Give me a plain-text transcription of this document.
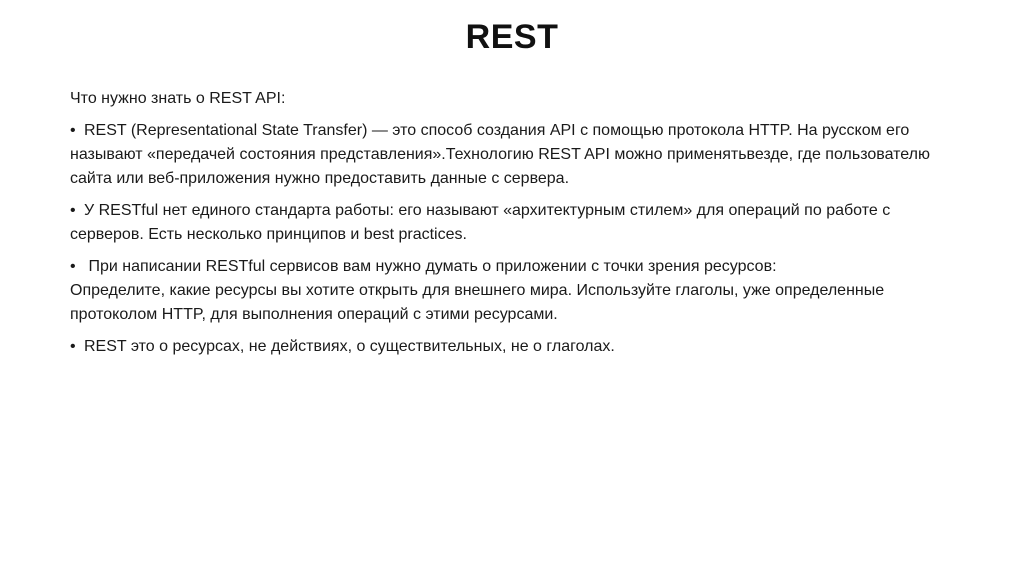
REST
Что нужно знать о REST API:
• REST (Representational State Transfer) — это способ создания API с помощью протокола HTTP. На русском его
называют «передачей состояния представления».Технологию REST API можно применятьвезде, где пользователю
сайта или веб-приложения нужно предоставить данные с сервера.
• У RESTful нет единого стандарта работы: его называют «архитектурным стилем» для операций по работе с
серверов. Есть несколько принципов и best practices.
• При написании RESTful сервисов вам нужно думать о приложении с точки зрения ресурсов:
Определите, какие ресурсы вы хотите открыть для внешнего мира. Используйте глаголы, уже определенные
протоколом HTTP, для выполнения операций с этими ресурсами.
• REST это о ресурсах, не действиях, о существительных, не о глаголах.
